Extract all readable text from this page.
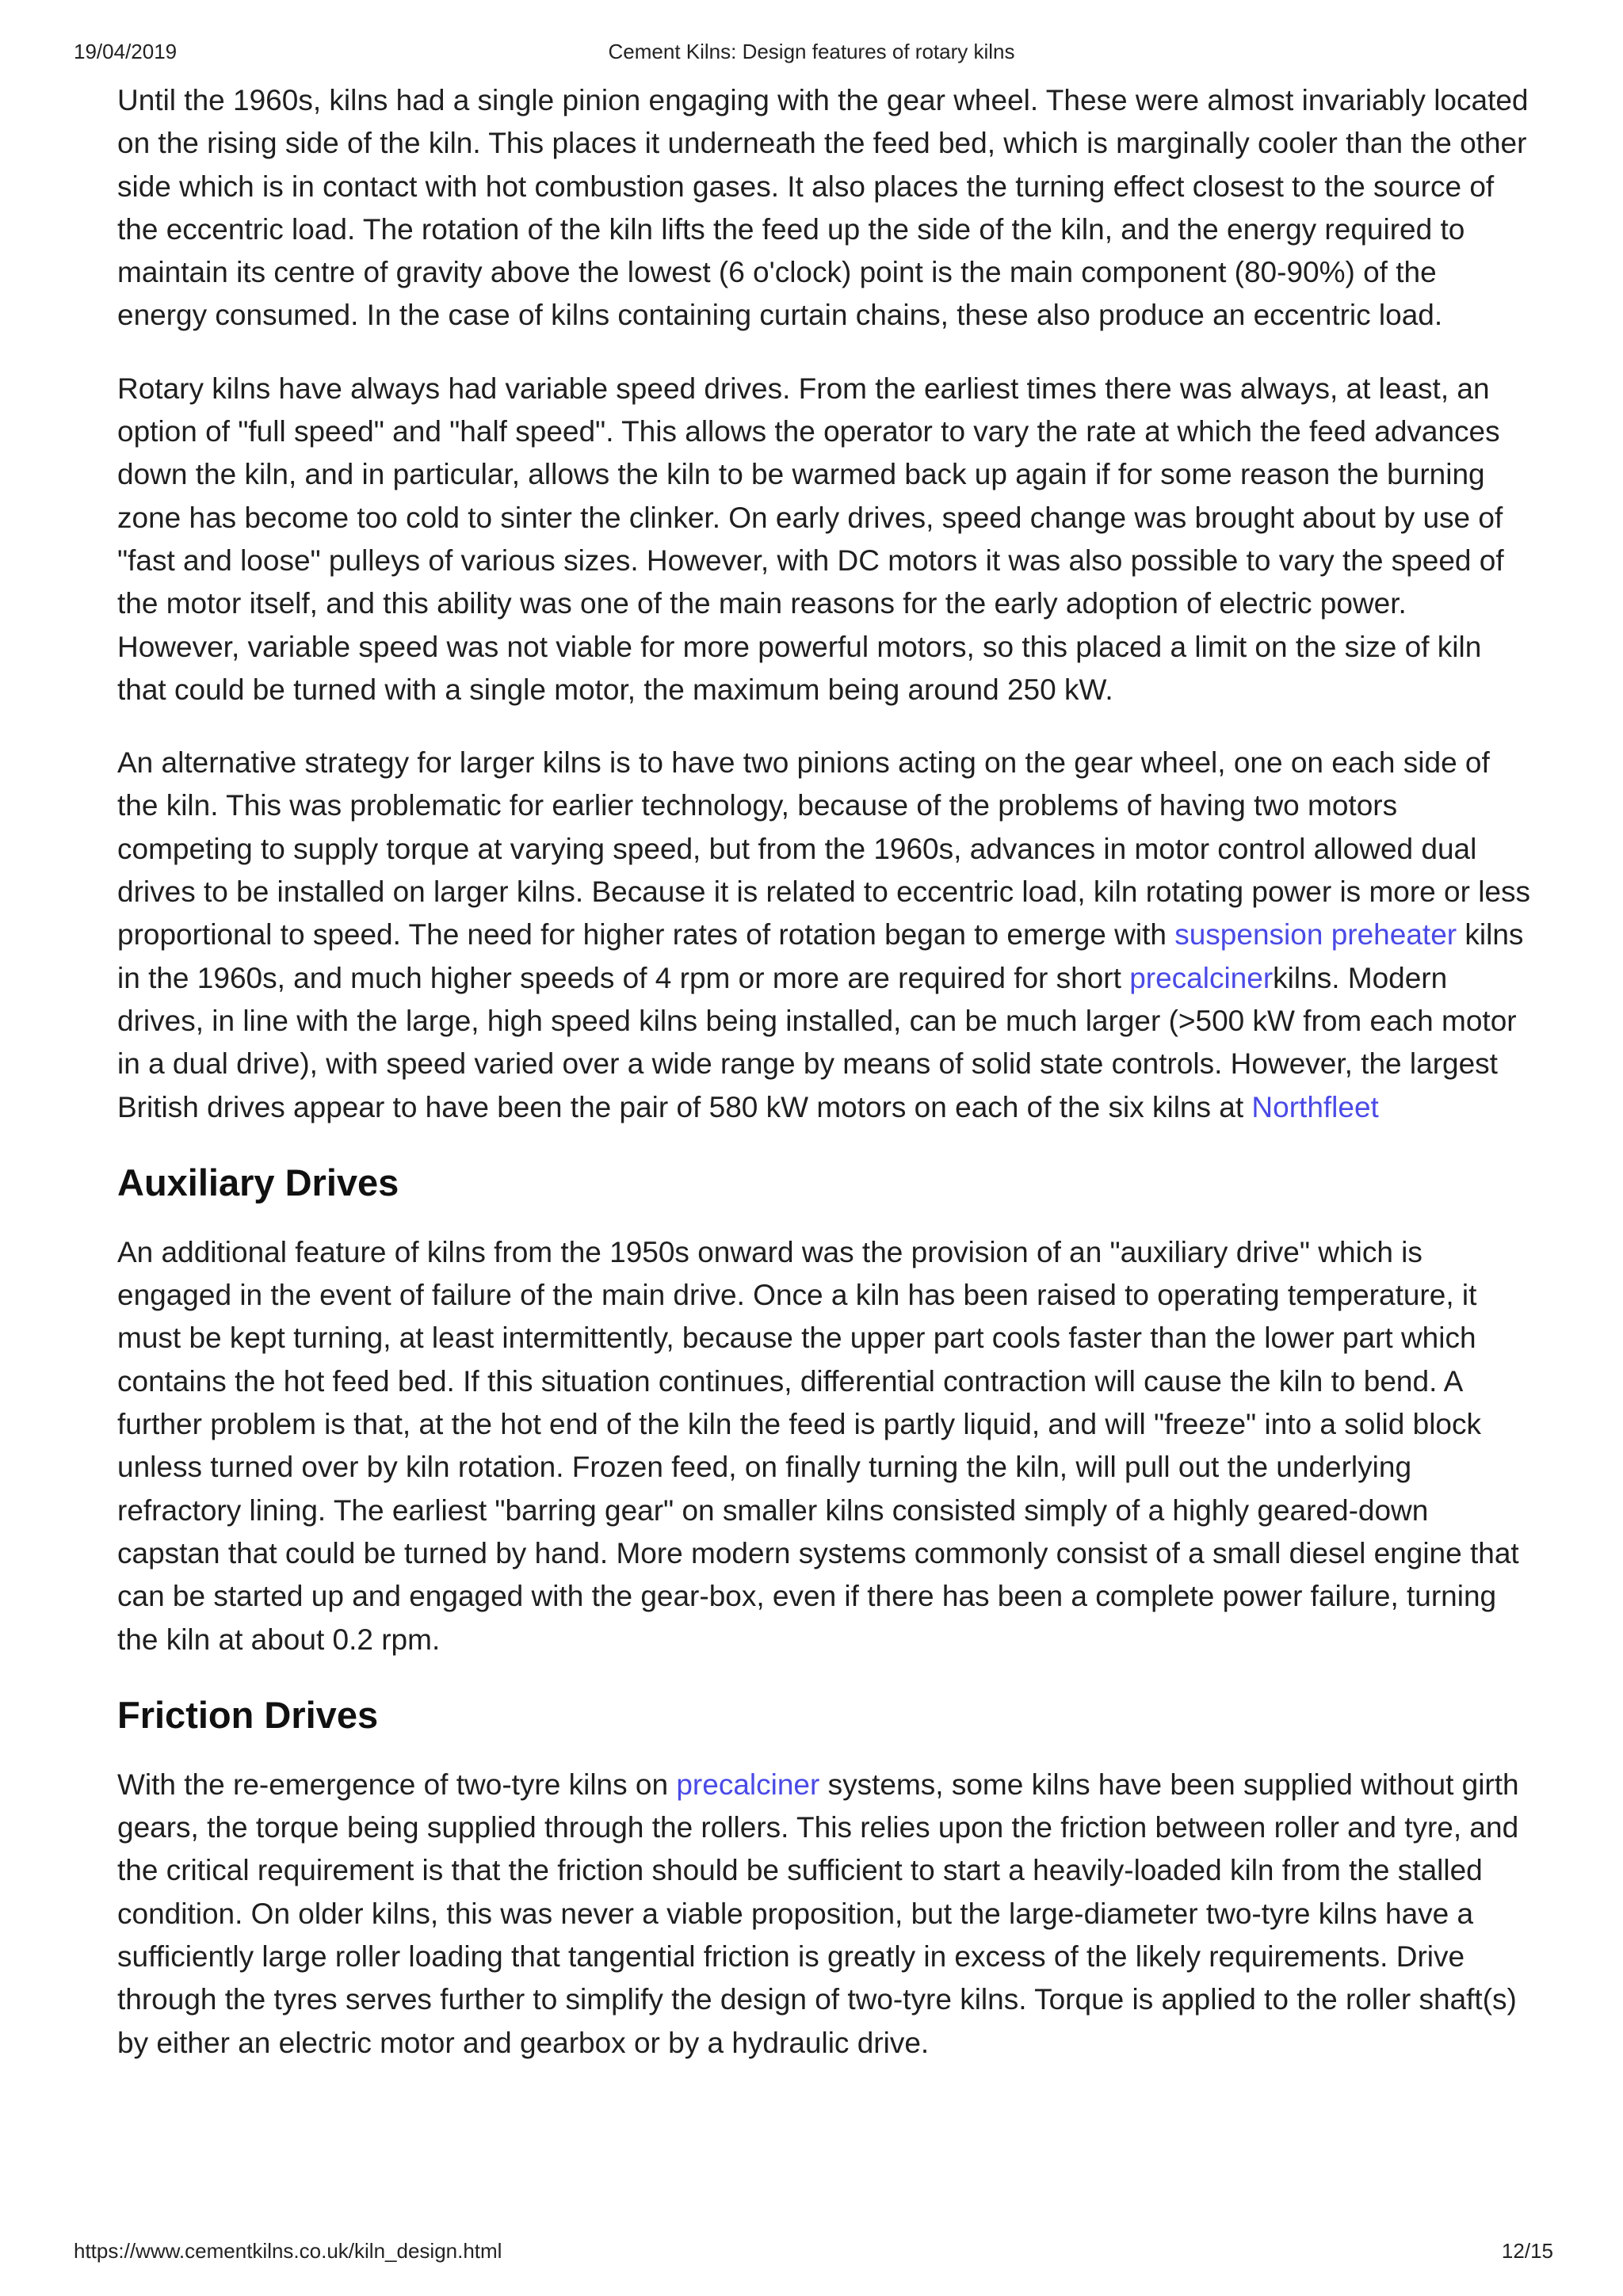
19/04/2019	Cement Kilns: Design features of rotary kilns

Until the 1960s, kilns had a single pinion engaging with the gear wheel. These were almost invariably located on the rising side of the kiln. This places it underneath the feed bed, which is marginally cooler than the other side which is in contact with hot combustion gases. It also places the turning effect closest to the source of the eccentric load. The rotation of the kiln lifts the feed up the side of the kiln, and the energy required to maintain its centre of gravity above the lowest (6 o'clock) point is the main component (80-90%) of the energy consumed. In the case of kilns containing curtain chains, these also produce an eccentric load.

Rotary kilns have always had variable speed drives. From the earliest times there was always, at least, an option of "full speed" and "half speed". This allows the operator to vary the rate at which the feed advances down the kiln, and in particular, allows the kiln to be warmed back up again if for some reason the burning zone has become too cold to sinter the clinker. On early drives, speed change was brought about by use of "fast and loose" pulleys of various sizes. However, with DC motors it was also possible to vary the speed of the motor itself, and this ability was one of the main reasons for the early adoption of electric power. However, variable speed was not viable for more powerful motors, so this placed a limit on the size of kiln that could be turned with a single motor, the maximum being around 250 kW.

An alternative strategy for larger kilns is to have two pinions acting on the gear wheel, one on each side of the kiln. This was problematic for earlier technology, because of the problems of having two motors competing to supply torque at varying speed, but from the 1960s, advances in motor control allowed dual drives to be installed on larger kilns. Because it is related to eccentric load, kiln rotating power is more or less proportional to speed. The need for higher rates of rotation began to emerge with suspension preheater kilns in the 1960s, and much higher speeds of 4 rpm or more are required for short precalcinerkilns. Modern drives, in line with the large, high speed kilns being installed, can be much larger (>500 kW from each motor in a dual drive), with speed varied over a wide range by means of solid state controls. However, the largest British drives appear to have been the pair of 580 kW motors on each of the six kilns at Northfleet

Auxiliary Drives

An additional feature of kilns from the 1950s onward was the provision of an "auxiliary drive" which is engaged in the event of failure of the main drive. Once a kiln has been raised to operating temperature, it must be kept turning, at least intermittently, because the upper part cools faster than the lower part which contains the hot feed bed. If this situation continues, differential contraction will cause the kiln to bend. A further problem is that, at the hot end of the kiln the feed is partly liquid, and will "freeze" into a solid block unless turned over by kiln rotation. Frozen feed, on finally turning the kiln, will pull out the underlying refractory lining. The earliest "barring gear" on smaller kilns consisted simply of a highly geared-down capstan that could be turned by hand. More modern systems commonly consist of a small diesel engine that can be started up and engaged with the gear-box, even if there has been a complete power failure, turning the kiln at about 0.2 rpm.

Friction Drives

With the re-emergence of two-tyre kilns on precalciner systems, some kilns have been supplied without girth gears, the torque being supplied through the rollers. This relies upon the friction between roller and tyre, and the critical requirement is that the friction should be sufficient to start a heavily-loaded kiln from the stalled condition. On older kilns, this was never a viable proposition, but the large-diameter two-tyre kilns have a sufficiently large roller loading that tangential friction is greatly in excess of the likely requirements. Drive through the tyres serves further to simplify the design of two-tyre kilns. Torque is applied to the roller shaft(s) by either an electric motor and gearbox or by a hydraulic drive.

https://www.cementkilns.co.uk/kiln_design.html	12/15
